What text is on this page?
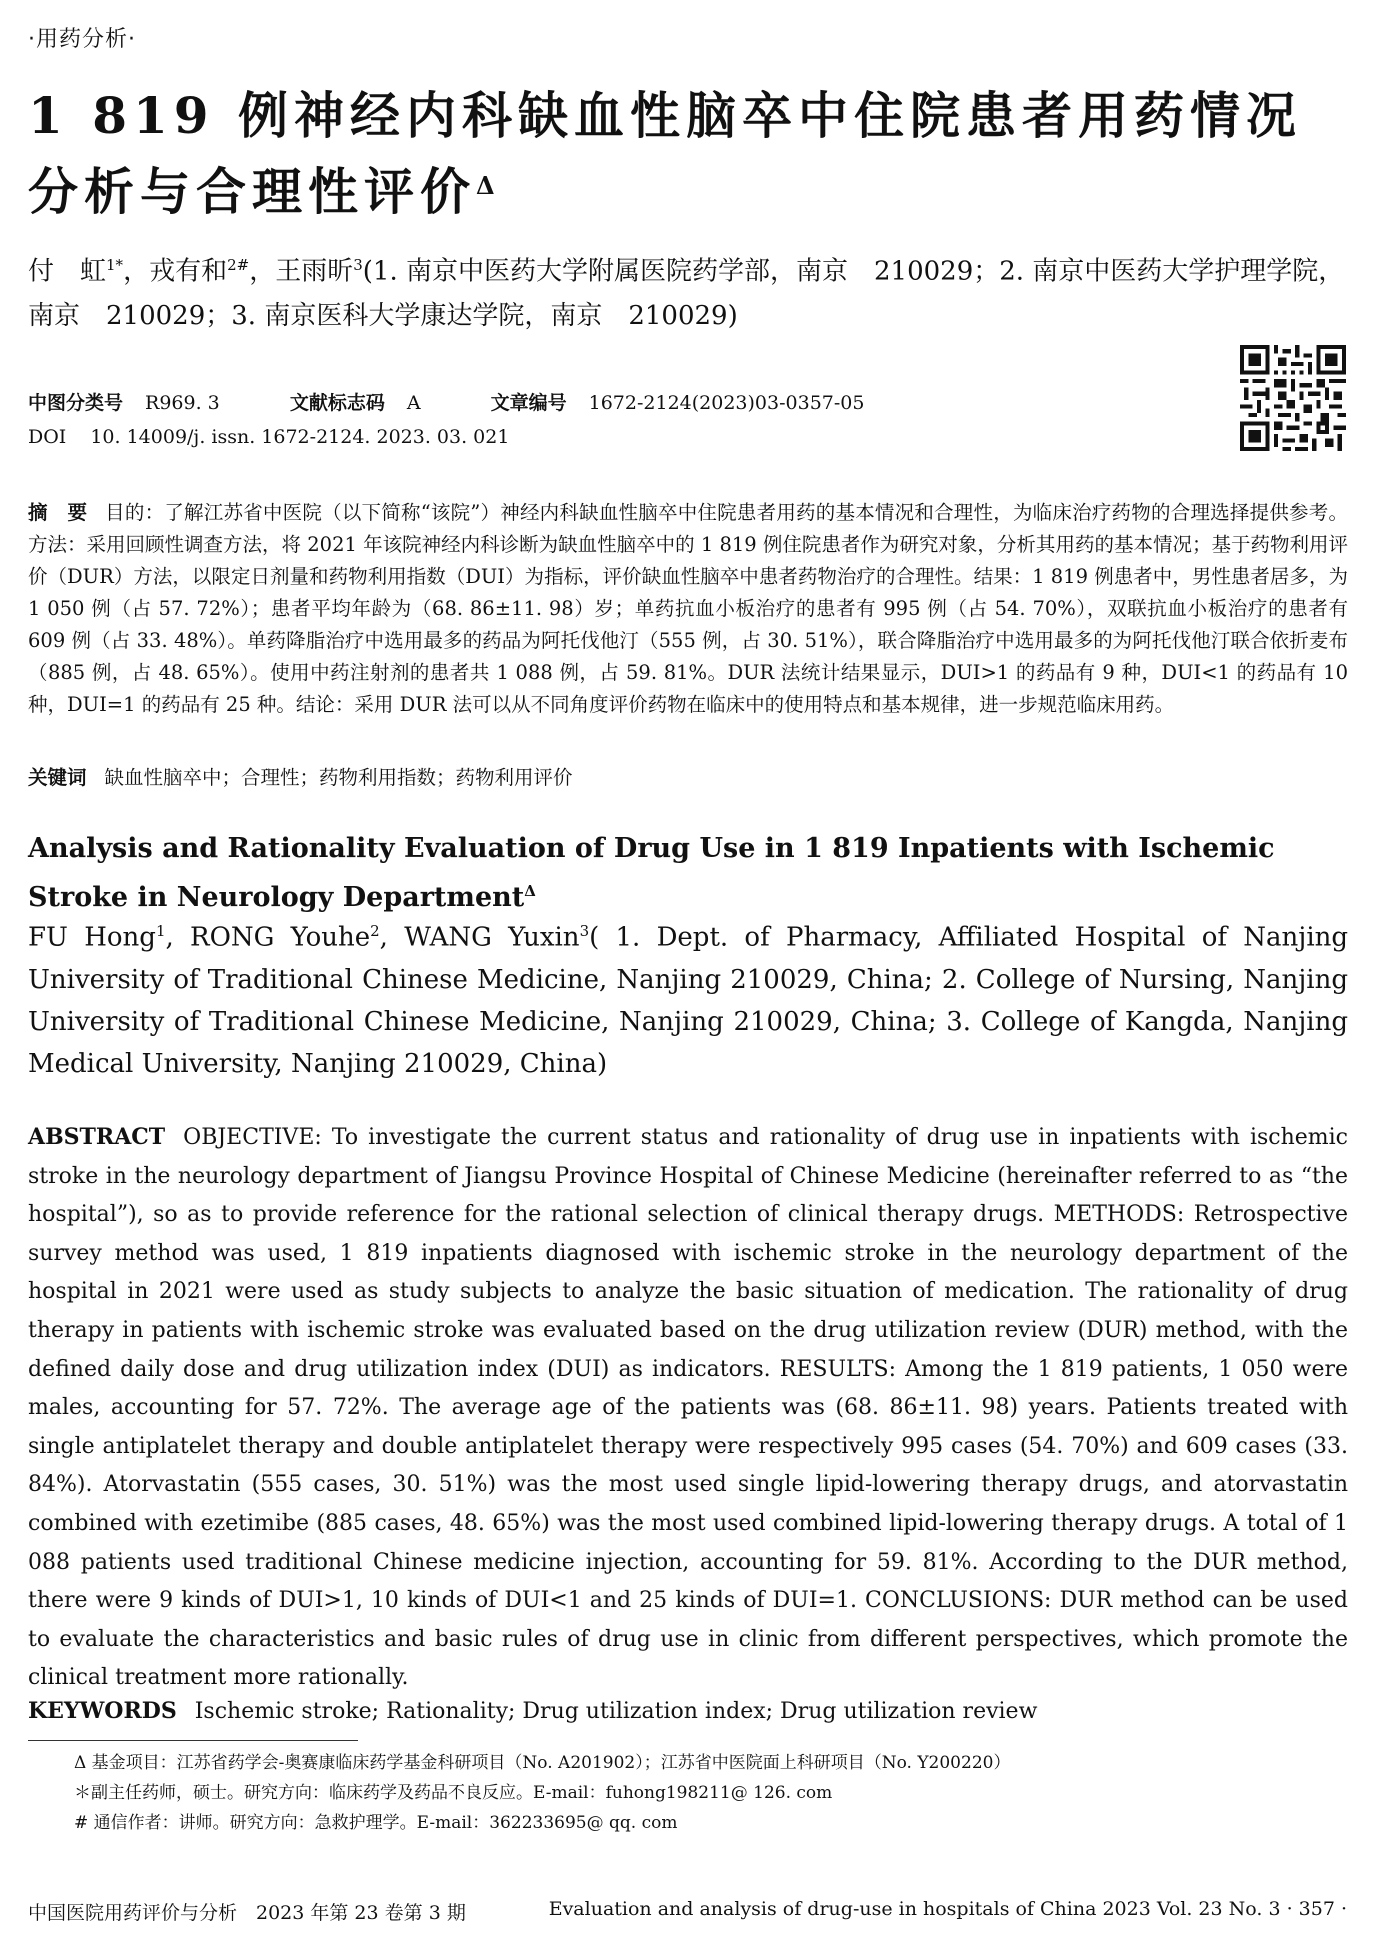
·用药分析·
1 819 例神经内科缺血性脑卒中住院患者用药情况分析与合理性评价$^\Delta$
付　虹$^{1*}$，戎有和$^{2\#}$，王雨昕$^3$(1. 南京中医药大学附属医院药学部，南京　210029；2. 南京中医药大学护理学院，南京　210029；3. 南京医科大学康达学院，南京　210029)
中图分类号 R969. 3	文献标志码 A	文章编号 1672-2124(2023)03-0357-05
DOI 10. 14009/j. issn. 1672-2124. 2023. 03. 021
摘　要 目的：了解江苏省中医院（以下简称“该院”）神经内科缺血性脑卒中住院患者用药的基本情况和合理性，为临床治疗药物的合理选择提供参考。方法：采用回顾性调查方法，将 2021 年该院神经内科诊断为缺血性脑卒中的 1 819 例住院患者作为研究对象，分析其用药的基本情况；基于药物利用评价（DUR）方法，以限定日剂量和药物利用指数（DUI）为指标，评价缺血性脑卒中患者药物治疗的合理性。结果：1 819 例患者中，男性患者居多，为 1 050 例（占 57. 72%）；患者平均年龄为（68. 86±11. 98）岁；单药抗血小板治疗的患者有 995 例（占 54. 70%），双联抗血小板治疗的患者有 609 例（占 33. 48%）。单药降脂治疗中选用最多的药品为阿托伐他汀（555 例，占 30. 51%），联合降脂治疗中选用最多的为阿托伐他汀联合依折麦布（885 例，占 48. 65%）。使用中药注射剂的患者共 1 088 例，占 59. 81%。DUR 法统计结果显示，DUI>1 的药品有 9 种，DUI<1 的药品有 10 种，DUI=1 的药品有 25 种。结论：采用 DUR 法可以从不同角度评价药物在临床中的使用特点和基本规律，进一步规范临床用药。
关键词 缺血性脑卒中；合理性；药物利用指数；药物利用评价
Analysis and Rationality Evaluation of Drug Use in 1 819 Inpatients with Ischemic Stroke in Neurology Department$^\Delta$
FU Hong$^1$, RONG Youhe$^2$, WANG Yuxin$^3$( 1. Dept. of Pharmacy, Affiliated Hospital of Nanjing University of Traditional Chinese Medicine, Nanjing 210029, China; 2. College of Nursing, Nanjing University of Traditional Chinese Medicine, Nanjing 210029, China; 3. College of Kangda, Nanjing Medical University, Nanjing 210029, China)
ABSTRACT OBJECTIVE: To investigate the current status and rationality of drug use in inpatients with ischemic stroke in the neurology department of Jiangsu Province Hospital of Chinese Medicine (hereinafter referred to as “the hospital”), so as to provide reference for the rational selection of clinical therapy drugs. METHODS: Retrospective survey method was used, 1 819 inpatients diagnosed with ischemic stroke in the neurology department of the hospital in 2021 were used as study subjects to analyze the basic situation of medication. The rationality of drug therapy in patients with ischemic stroke was evaluated based on the drug utilization review (DUR) method, with the defined daily dose and drug utilization index (DUI) as indicators. RESULTS: Among the 1 819 patients, 1 050 were males, accounting for 57. 72%. The average age of the patients was (68. 86±11. 98) years. Patients treated with single antiplatelet therapy and double antiplatelet therapy were respectively 995 cases (54. 70%) and 609 cases (33. 84%). Atorvastatin (555 cases, 30. 51%) was the most used single lipid-lowering therapy drugs, and atorvastatin combined with ezetimibe (885 cases, 48. 65%) was the most used combined lipid-lowering therapy drugs. A total of 1 088 patients used traditional Chinese medicine injection, accounting for 59. 81%. According to the DUR method, there were 9 kinds of DUI>1, 10 kinds of DUI<1 and 25 kinds of DUI=1. CONCLUSIONS: DUR method can be used to evaluate the characteristics and basic rules of drug use in clinic from different perspectives, which promote the clinical treatment more rationally.
KEYWORDS Ischemic stroke; Rationality; Drug utilization index; Drug utilization review
Δ 基金项目：江苏省药学会-奥赛康临床药学基金科研项目（No. A201902）；江苏省中医院面上科研项目（No. Y200220）
＊副主任药师，硕士。研究方向：临床药学及药品不良反应。E-mail：fuhong198211@ 126. com
# 通信作者：讲师。研究方向：急救护理学。E-mail：362233695@ qq. com
中国医院用药评价与分析　2023 年第 23 卷第 3 期	Evaluation and analysis of drug-use in hospitals of China 2023 Vol. 23 No. 3 · 357 ·
